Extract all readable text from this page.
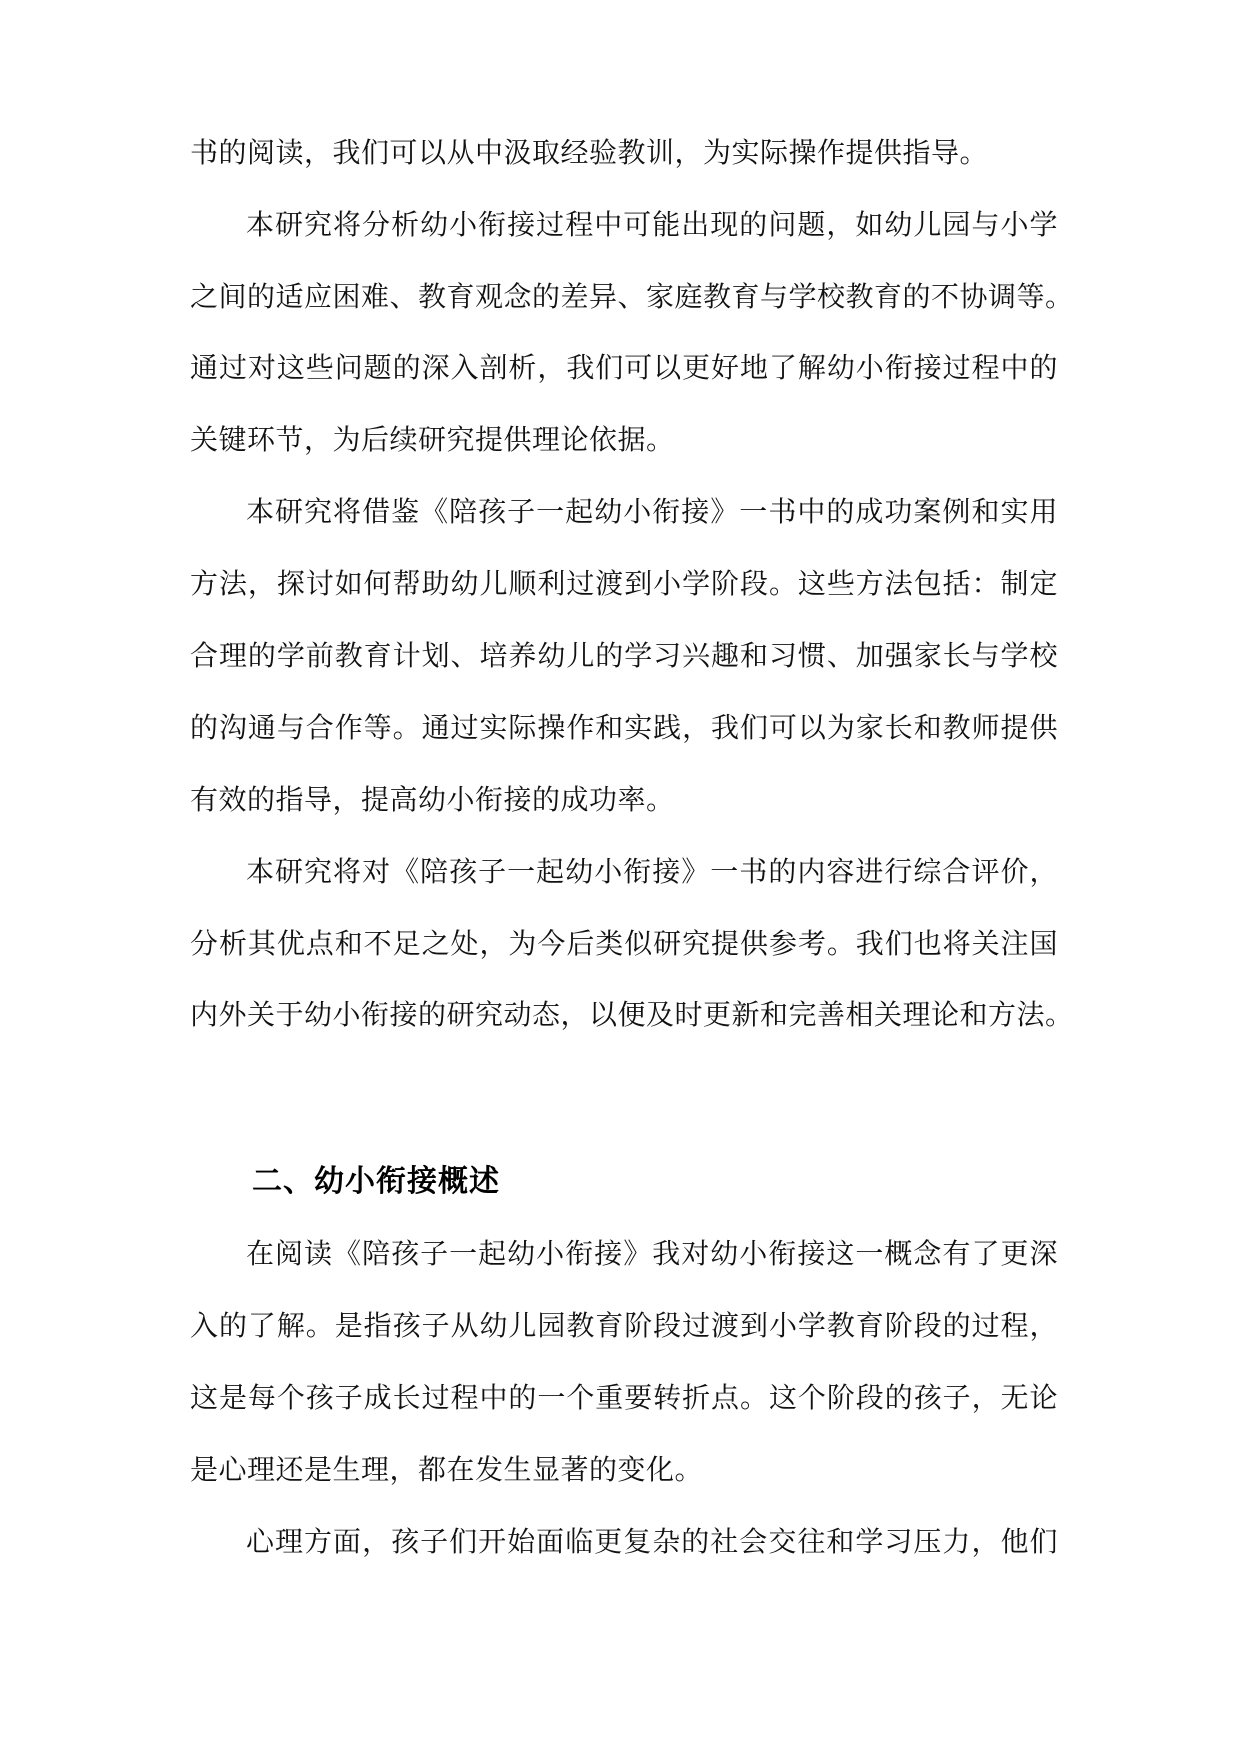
书的阅读，我们可以从中汲取经验教训，为实际操作提供指导。
本研究将分析幼小衔接过程中可能出现的问题，如幼儿园与小学
之间的适应困难、教育观念的差异、家庭教育与学校教育的不协调等。
通过对这些问题的深入剖析，我们可以更好地了解幼小衔接过程中的
关键环节，为后续研究提供理论依据。
本研究将借鉴《陪孩子一起幼小衔接》一书中的成功案例和实用
方法，探讨如何帮助幼儿顺利过渡到小学阶段。这些方法包括：制定
合理的学前教育计划、培养幼儿的学习兴趣和习惯、加强家长与学校
的沟通与合作等。通过实际操作和实践，我们可以为家长和教师提供
有效的指导，提高幼小衔接的成功率。
本研究将对《陪孩子一起幼小衔接》一书的内容进行综合评价，
分析其优点和不足之处，为今后类似研究提供参考。我们也将关注国
内外关于幼小衔接的研究动态，以便及时更新和完善相关理论和方法。
二、幼小衔接概述
在阅读《陪孩子一起幼小衔接》我对幼小衔接这一概念有了更深
入的了解。是指孩子从幼儿园教育阶段过渡到小学教育阶段的过程，
这是每个孩子成长过程中的一个重要转折点。这个阶段的孩子，无论
是心理还是生理，都在发生显著的变化。
心理方面，孩子们开始面临更复杂的社会交往和学习压力，他们
